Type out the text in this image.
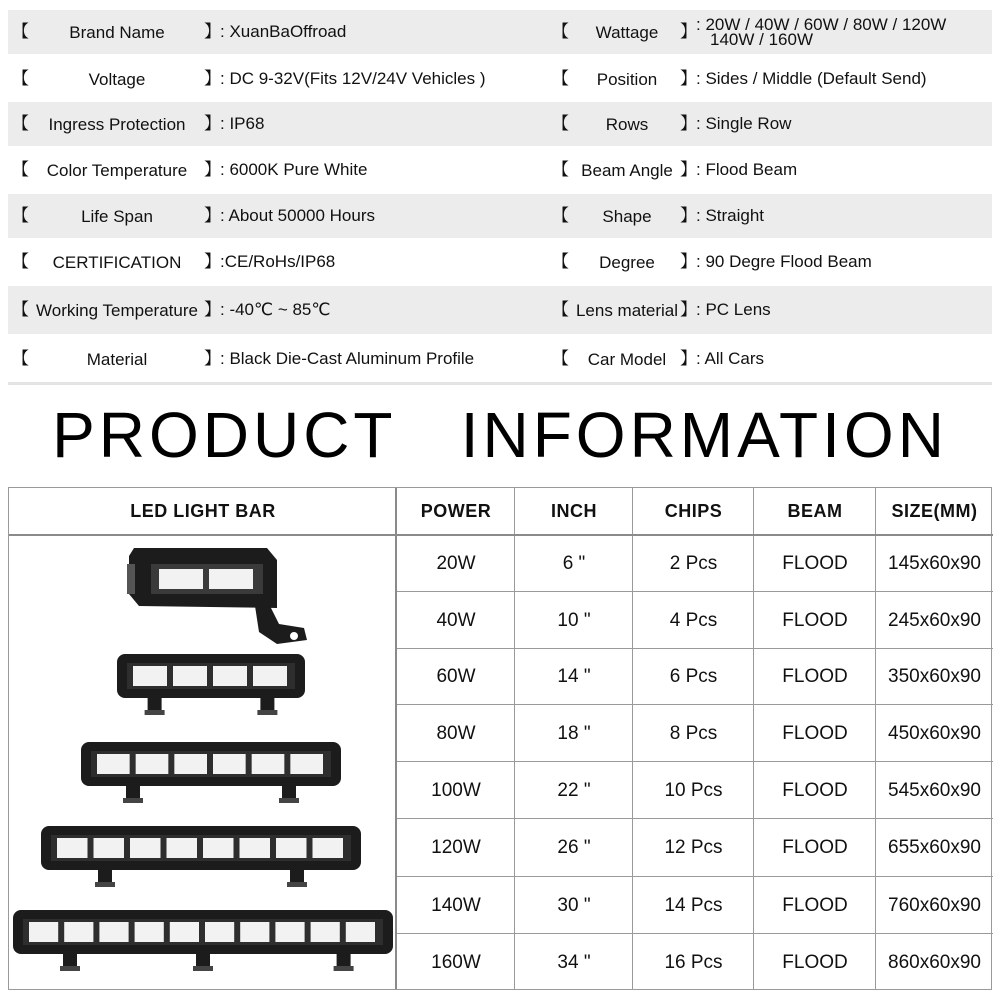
【	Brand Name	】 : XuanBaOffroad	【	Wattage	】 : 20W / 40W / 60W / 80W / 120W
140W / 160W
【	Voltage	】 : DC 9-32V(Fits 12V/24V Vehicles )	【	Position	】 : Sides / Middle (Default Send)
【	Ingress Protection	】 : IP68	【	Rows	】 : Single Row
【	Color Temperature 】 : 6000K Pure White	【 Beam Angle 】 : Flood Beam
【	Life Span	】 : About 50000 Hours	【	Shape	】 : Straight
【	CERTIFICATION	】 :CE/RoHs/IP68	【	Degree	】 : 90 Degre Flood Beam
【 Working Temperature 】 : -40℃ ~ 85℃	【 Lens material 】 : PC Lens
【	Material	】 : Black Die-Cast Aluminum Profile	【	Car Model 】 : All Cars
PRODUCT   INFORMATION
LED LIGHT BAR	POWER	INCH	CHIPS	BEAM	SIZE(MM)
20W	6 "	2 Pcs	FLOOD	145x60x90
40W	10 "	4 Pcs	FLOOD	245x60x90
60W	14 "	6 Pcs	FLOOD	350x60x90
80W	18 "	8 Pcs	FLOOD	450x60x90
100W	22 "	10 Pcs	FLOOD	545x60x90
120W	26 "	12 Pcs	FLOOD	655x60x90
140W	30 "	14 Pcs	FLOOD	760x60x90
160W	34 "	16 Pcs	FLOOD	860x60x90
